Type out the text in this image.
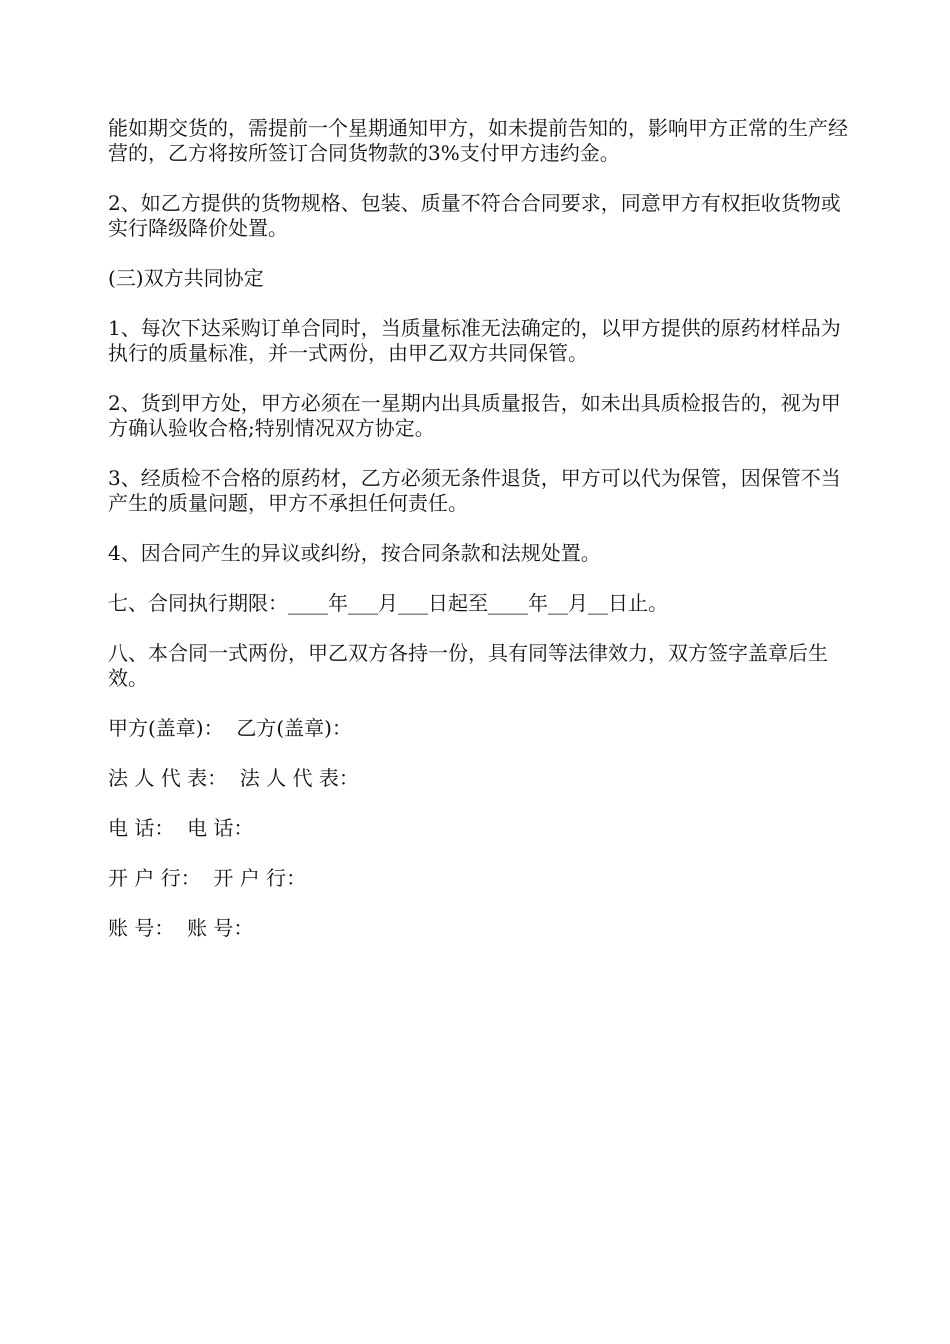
能如期交货的，需提前一个星期通知甲方，如未提前告知的，影响甲方正常的生产经营的，乙方将按所签订合同货物款的3%支付甲方违约金。

2、如乙方提供的货物规格、包装、质量不符合合同要求，同意甲方有权拒收货物或实行降级降价处置。

(三)双方共同协定

1、每次下达采购订单合同时，当质量标准无法确定的，以甲方提供的原药材样品为执行的质量标准，并一式两份，由甲乙双方共同保管。

2、货到甲方处，甲方必须在一星期内出具质量报告，如未出具质检报告的，视为甲方确认验收合格;特别情况双方协定。

3、经质检不合格的原药材，乙方必须无条件退货，甲方可以代为保管，因保管不当产生的质量问题，甲方不承担任何责任。

4、因合同产生的异议或纠纷，按合同条款和法规处置。

七、合同执行期限：____年___月___日起至____年__月__日止。

八、本合同一式两份，甲乙双方各持一份，具有同等法律效力，双方签字盖章后生效。

甲方(盖章)：  乙方(盖章)：

法 人 代 表：  法 人 代 表：

电 话：  电 话：

开 户 行：  开 户 行：

账 号：  账 号：
